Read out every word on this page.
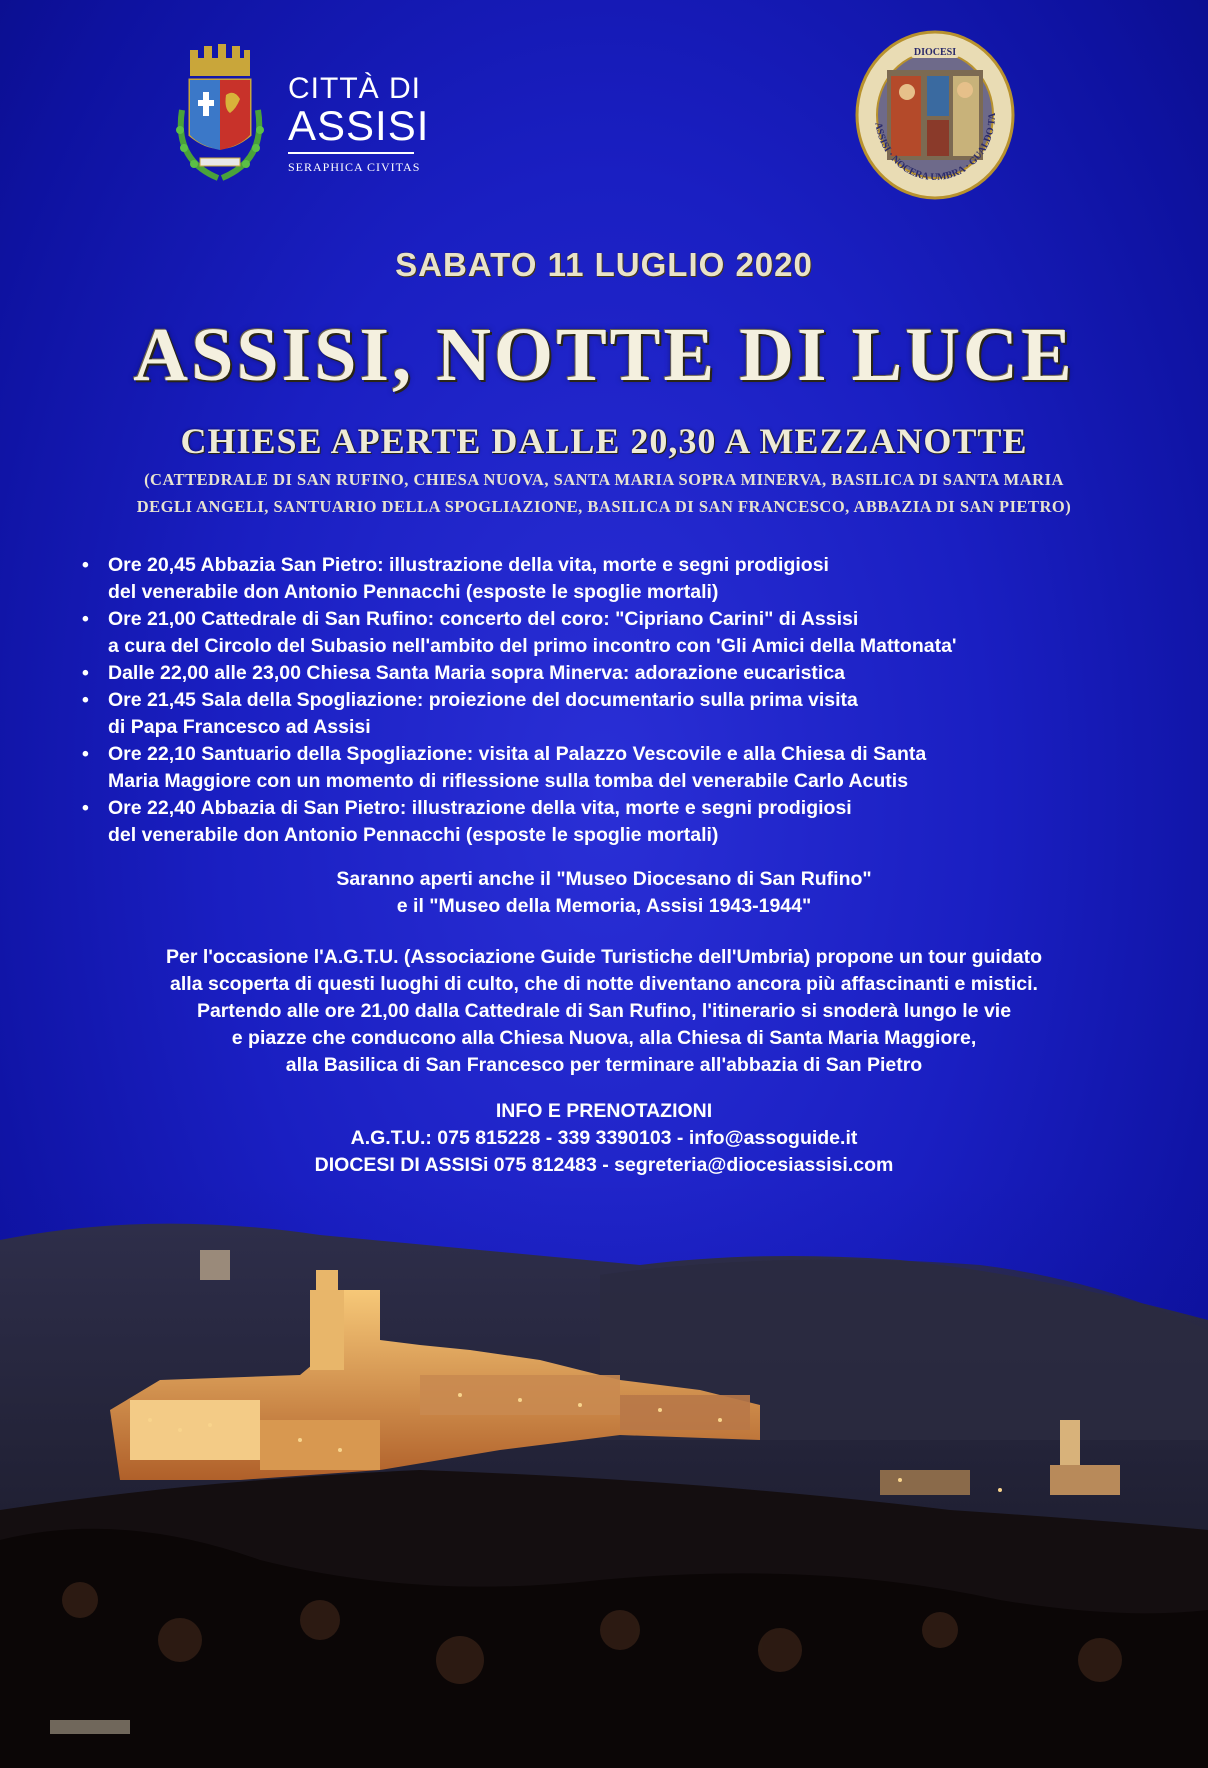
CITTÀ DI
ASSISI
SERAPHICA CIVITAS
ASSISI · NOCERA UMBRA · GUALDO TA
DIOCESI
SABATO 11 LUGLIO 2020
ASSISI, NOTTE DI LUCE
CHIESE APERTE DALLE 20,30 A MEZZANOTTE
(CATTEDRALE DI SAN RUFINO, CHIESA NUOVA, SANTA MARIA SOPRA MINERVA, BASILICA DI SANTA MARIA
DEGLI ANGELI, SANTUARIO DELLA SPOGLIAZIONE, BASILICA DI SAN FRANCESCO, ABBAZIA DI SAN PIETRO)
• Ore 20,45 Abbazia San Pietro: illustrazione della vita, morte e segni prodigiosi
del venerabile don Antonio Pennacchi (esposte le spoglie mortali)
• Ore 21,00 Cattedrale di San Rufino: concerto del coro: "Cipriano Carini" di Assisi
a cura del Circolo del Subasio nell'ambito del primo incontro con 'Gli Amici della Mattonata'
• Dalle 22,00 alle 23,00 Chiesa Santa Maria sopra Minerva: adorazione eucaristica
• Ore 21,45 Sala della Spogliazione: proiezione del documentario sulla prima visita
di Papa Francesco ad Assisi
• Ore 22,10 Santuario della Spogliazione: visita al Palazzo Vescovile e alla Chiesa di Santa
Maria Maggiore con un momento di riflessione sulla tomba del venerabile Carlo Acutis
• Ore 22,40 Abbazia di San Pietro: illustrazione della vita, morte e segni prodigiosi
del venerabile don Antonio Pennacchi (esposte le spoglie mortali)
Saranno aperti anche il "Museo Diocesano di San Rufino"
e il "Museo della Memoria, Assisi 1943-1944"
Per l'occasione l'A.G.T.U. (Associazione Guide Turistiche dell'Umbria) propone un tour guidato
alla scoperta di questi luoghi di culto, che di notte diventano ancora più affascinanti e mistici.
Partendo alle ore 21,00 dalla Cattedrale di San Rufino, l'itinerario si snoderà lungo le vie
e piazze che conducono alla Chiesa Nuova, alla Chiesa di Santa Maria Maggiore,
alla Basilica di San Francesco per terminare all'abbazia di San Pietro
INFO E PRENOTAZIONI
A.G.T.U.: 075 815228 - 339 3390103 - info@assoguide.it
DIOCESI DI ASSISi 075 812483 - segreteria@diocesiassisi.com
